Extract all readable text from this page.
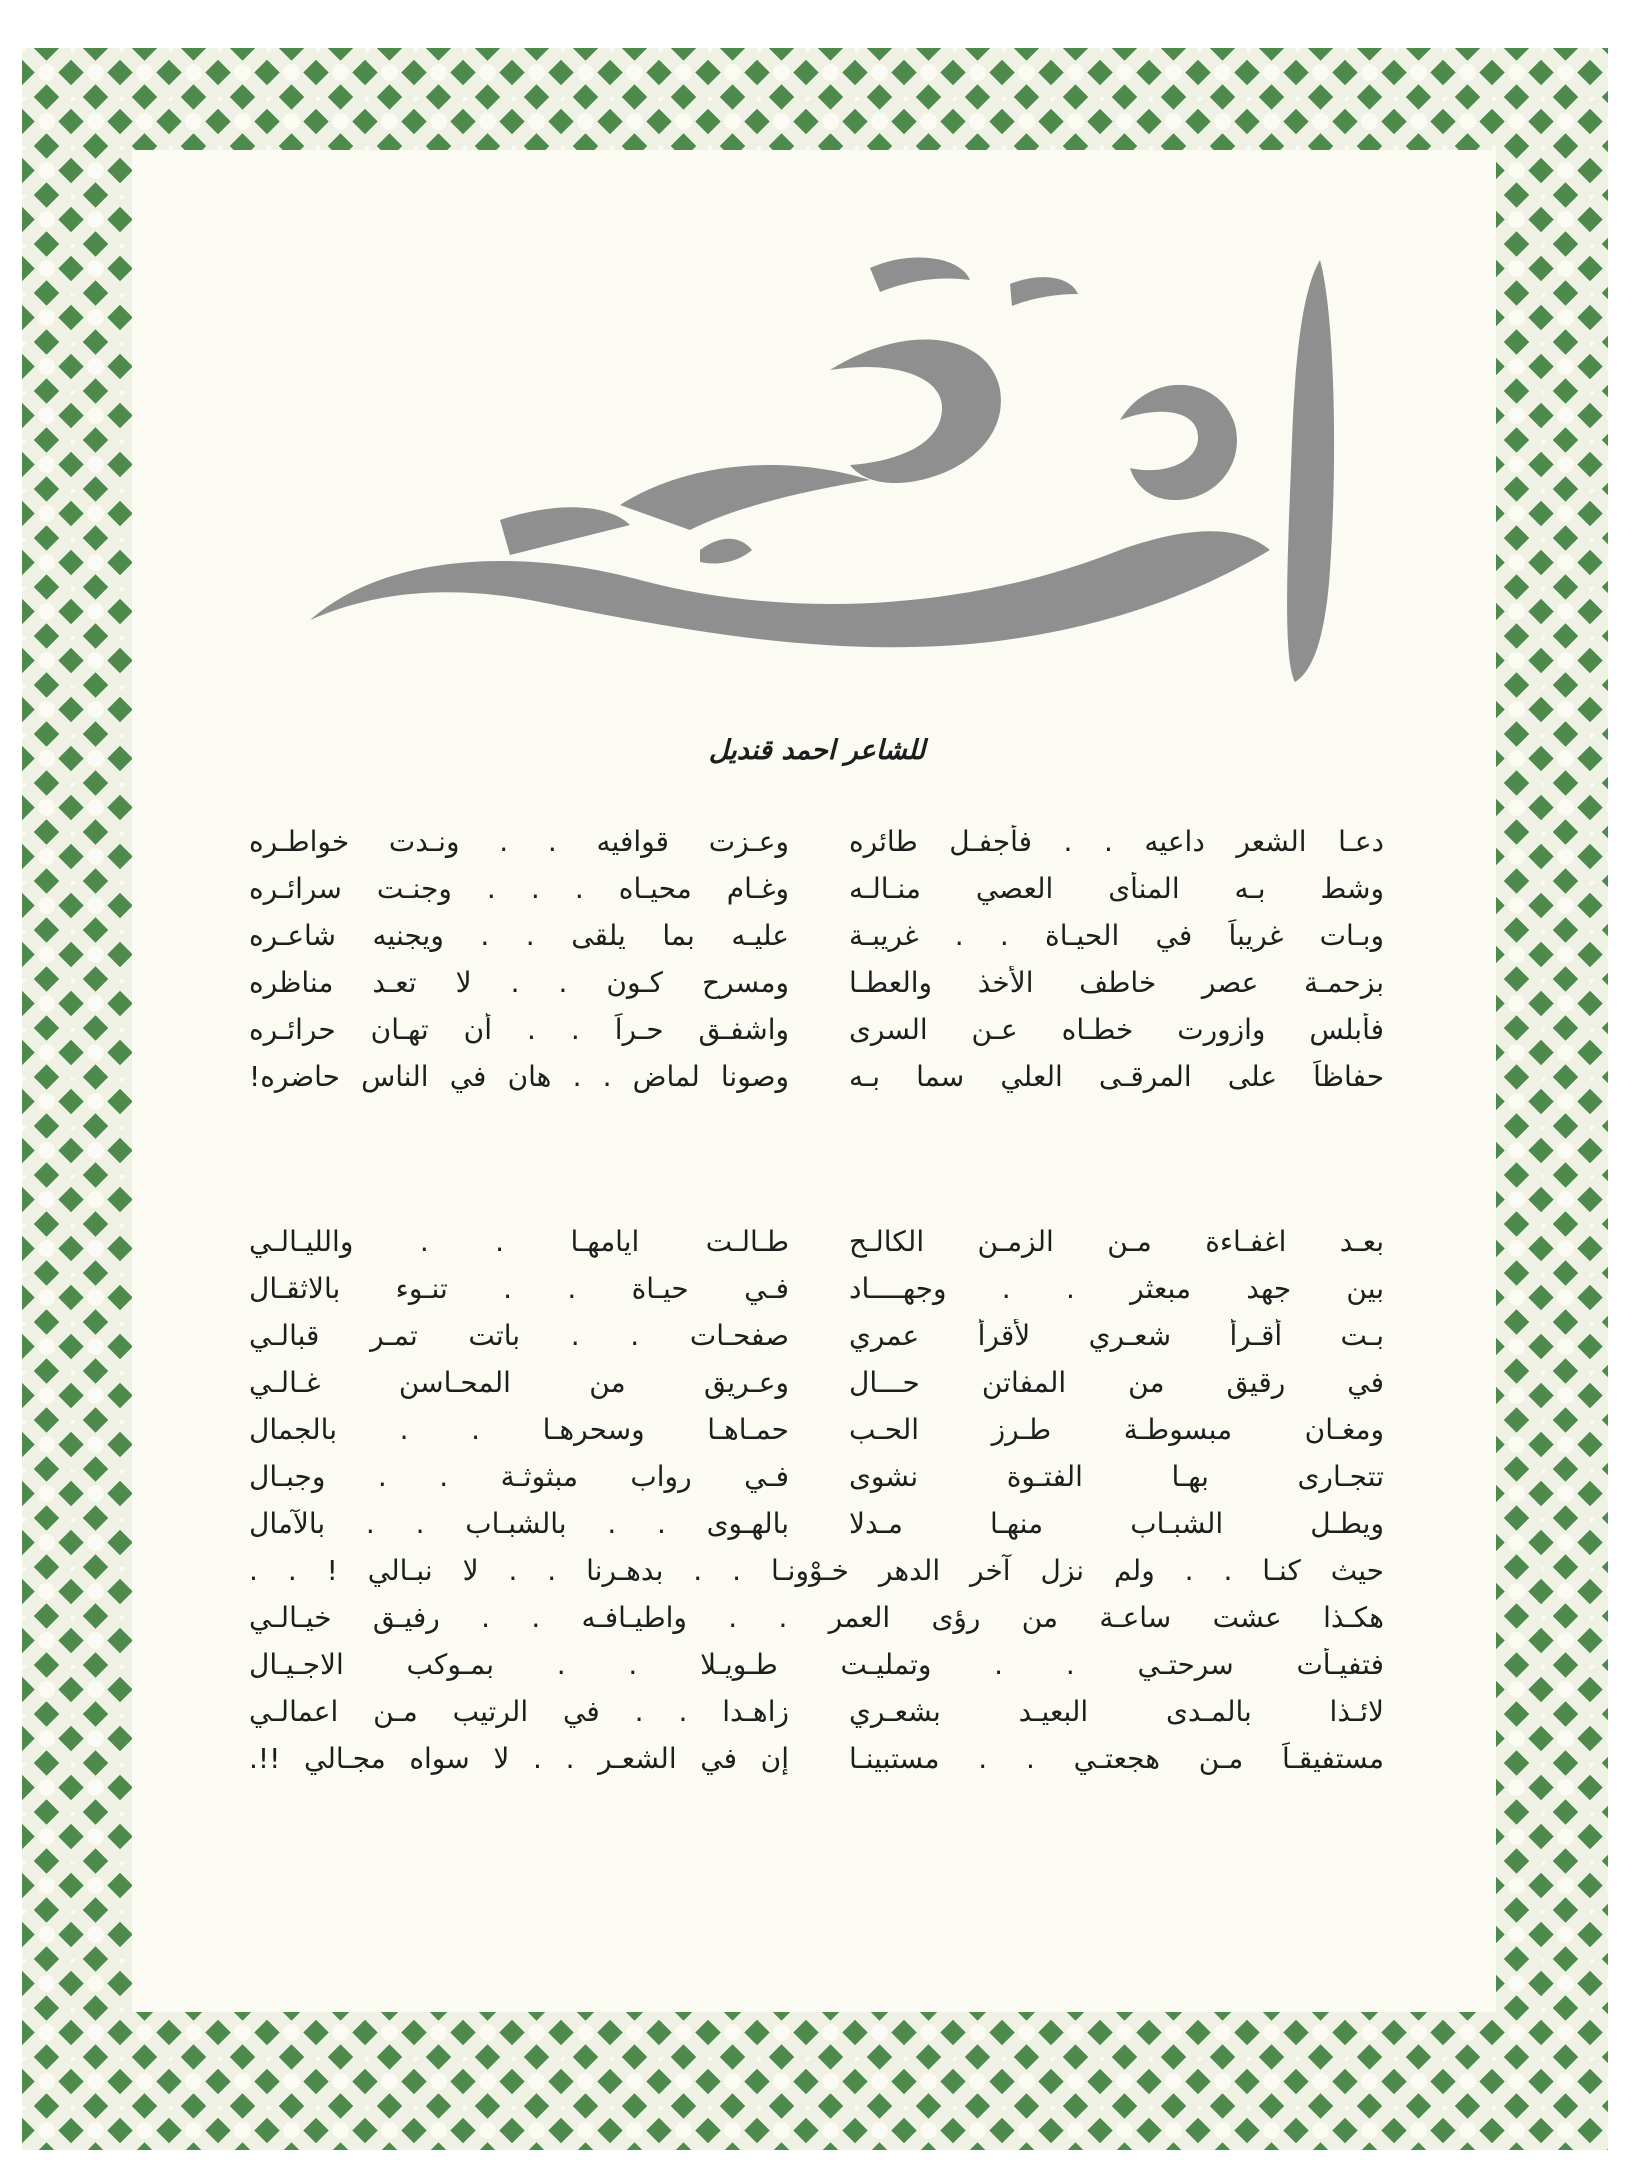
باقة شعر
للشاعر احمد قنديل
دعـا الشعر داعيه . . فأجفـل طائره
وعـزت قوافيه . . ونـدت خواطـره
وشط بـه المنأى العصي منـالـه
وغـام محيـاه . . . وجنـت سرائـره
وبـات غريباً في الحيـاة . . غريبـة
عليـه بما يلقى . . ويجنيه شاعـره
بزحمـة عصر خاطف الأخذ والعطـا
ومسرح كـون . . لا تعـد مناظره
فأبلس وازورت خطـاه عـن السرى
واشفـق حـراً . . أن تهـان حرائـره
حفاظاً على المرقـى العلي سما بـه
وصونا لماض . . هان في الناس حاضره!
بعـد اغفـاءة مـن الزمـن الكالـح
طـالـت ايامهـا . . والليـالـي
بين جهد مبعثر . . وجهــــاد
فـي حيـاة . . تنـوء بالاثقـال
بـت أقـرأ شعـري لأقرأ عمري
صفحـات . . باتت تمـر قبالـي
في رقيق من المفاتن حـــال
وعـريق من المحـاسن غـالـي
ومغـان مبسوطـة طـرز الحـب
حمـاهـا وسحرهـا . . بالجمال
تتجـارى بهـا الفتـوة نشوى
فـي رواب مبثوثـة . . وجبـال
ويطـل الشبـاب منهـا مـدلا
بالهـوى . . بالشبـاب . . بالآمال
حيث كنـا . . ولم نزل آخر الدهر خـوْونـا . . بدهـرنا . . لا نبـالي ! . .
هكـذا عشت ساعـة من رؤى العمر . . واطيـافـه . . رفيـق خيـالـي
فتفيـأت سرحتـي . . وتمليـت طـويـلا . . بمـوكب الاجـيـال
لائـذا بالمـدى البعيـد بشعـري
زاهـدا . . في الرتيب مـن اعمالـي
مستفيقـاً مـن هجعتـي . . مستبينـا
إن في الشعـر . . لا سواه مجـالي !!.
